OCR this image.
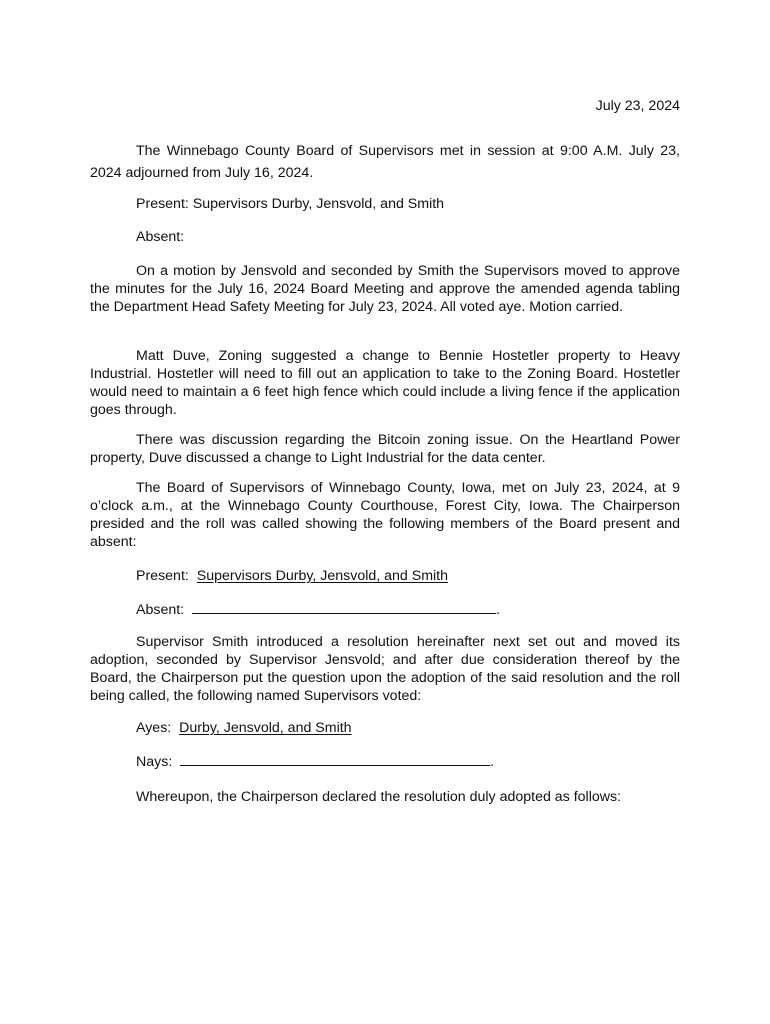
July 23, 2024

The Winnebago County Board of Supervisors met in session at 9:00 A.M. July 23, 2024 adjourned from July 16, 2024.

Present: Supervisors Durby, Jensvold, and Smith

Absent:

On a motion by Jensvold and seconded by Smith the Supervisors moved to approve the minutes for the July 16, 2024 Board Meeting and approve the amended agenda tabling the Department Head Safety Meeting for July 23, 2024. All voted aye. Motion carried.

Matt Duve, Zoning suggested a change to Bennie Hostetler property to Heavy Industrial. Hostetler will need to fill out an application to take to the Zoning Board. Hostetler would need to maintain a 6 feet high fence which could include a living fence if the application goes through.

There was discussion regarding the Bitcoin zoning issue. On the Heartland Power property, Duve discussed a change to Light Industrial for the data center.

The Board of Supervisors of Winnebago County, Iowa, met on July 23, 2024, at 9 o’clock a.m., at the Winnebago County Courthouse, Forest City, Iowa. The Chairperson presided and the roll was called showing the following members of the Board present and absent:

Present: Supervisors Durby, Jensvold, and Smith

Absent:	.

Supervisor Smith introduced a resolution hereinafter next set out and moved its adoption, seconded by Supervisor Jensvold; and after due consideration thereof by the Board, the Chairperson put the question upon the adoption of the said resolution and the roll being called, the following named Supervisors voted:

Ayes: Durby, Jensvold, and Smith

Nays:	.

Whereupon, the Chairperson declared the resolution duly adopted as follows:
